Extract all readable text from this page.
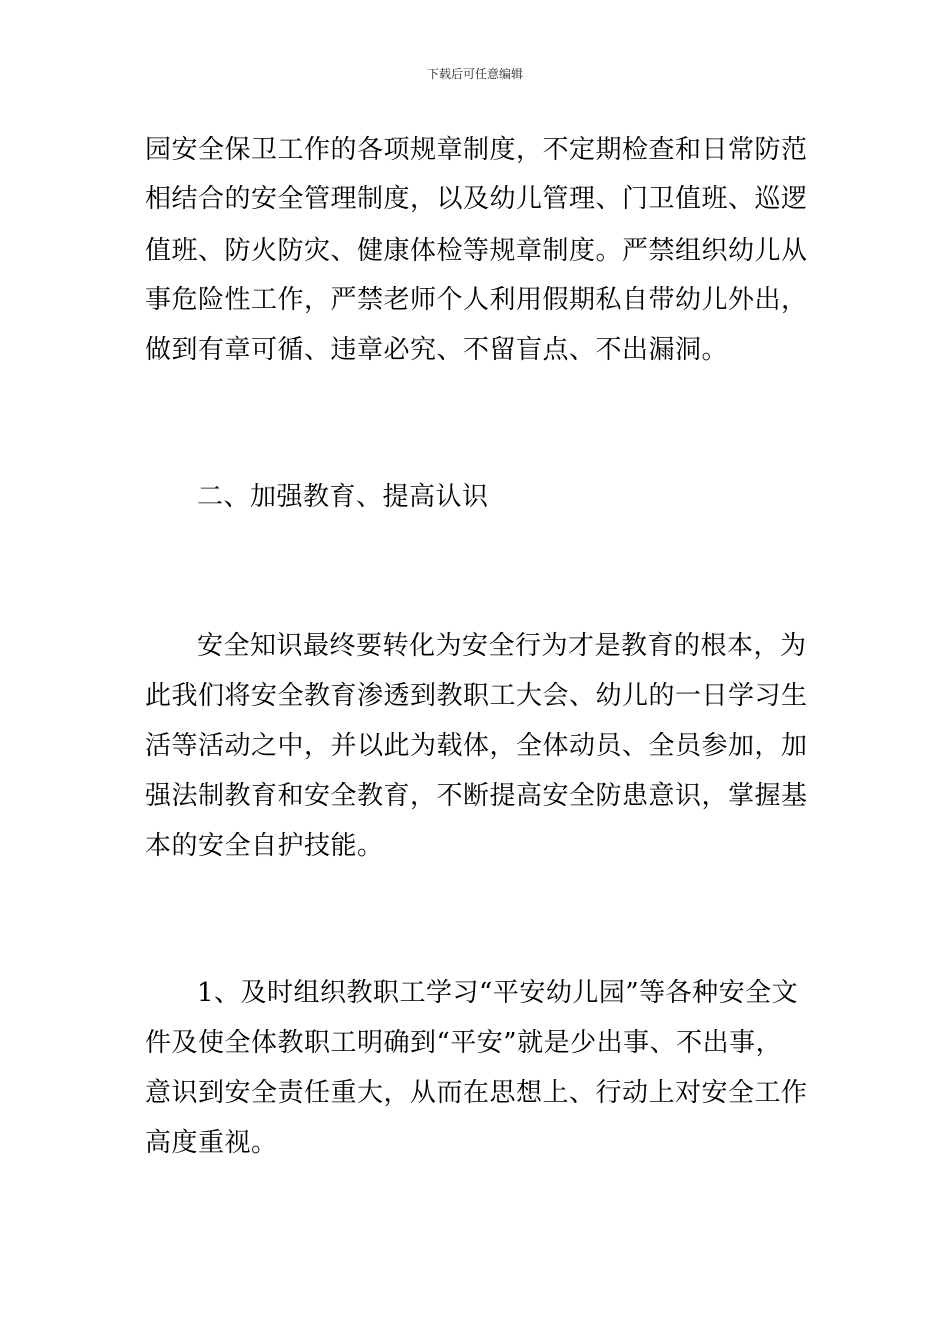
下载后可任意编辑
园安全保卫工作的各项规章制度，不定期检查和日常防范
相结合的安全管理制度，以及幼儿管理、门卫值班、巡逻
值班、防火防灾、健康体检等规章制度。严禁组织幼儿从
事危险性工作，严禁老师个人利用假期私自带幼儿外出，
做到有章可循、违章必究、不留盲点、不出漏洞。
二、加强教育、提高认识
安全知识最终要转化为安全行为才是教育的根本，为
此我们将安全教育渗透到教职工大会、幼儿的一日学习生
活等活动之中，并以此为载体，全体动员、全员参加，加
强法制教育和安全教育，不断提高安全防患意识，掌握基
本的安全自护技能。
1、及时组织教职工学习“平安幼儿园”等各种安全文
件及使全体教职工明确到“平安”就是少出事、不出事，
意识到安全责任重大，从而在思想上、行动上对安全工作
高度重视。
